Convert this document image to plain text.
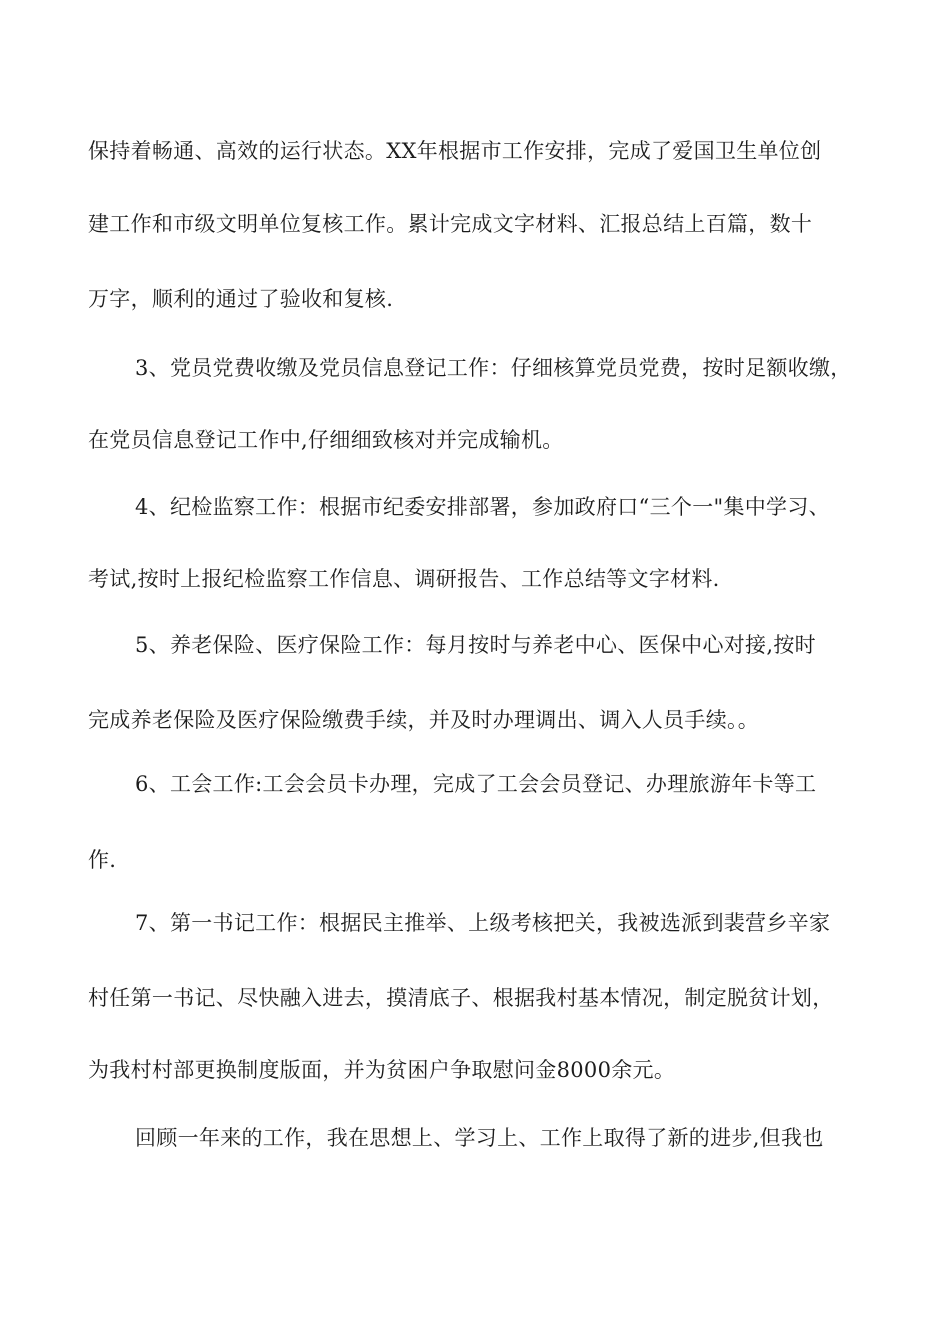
保持着畅通、高效的运行状态。XX年根据市工作安排，完成了爱国卫生单位创
建工作和市级文明单位复核工作。累计完成文字材料、汇报总结上百篇，数十
万字，顺利的通过了验收和复核.
3、党员党费收缴及党员信息登记工作：仔细核算党员党费，按时足额收缴，
在党员信息登记工作中,仔细细致核对并完成输机。
4、纪检监察工作：根据市纪委安排部署，参加政府口“三个一"集中学习、
考试,按时上报纪检监察工作信息、调研报告、工作总结等文字材料.
5、养老保险、医疗保险工作：每月按时与养老中心、医保中心对接,按时
完成养老保险及医疗保险缴费手续，并及时办理调出、调入人员手续。。
6、工会工作:工会会员卡办理，完成了工会会员登记、办理旅游年卡等工
作.
7、第一书记工作：根据民主推举、上级考核把关，我被选派到裴营乡辛家
村任第一书记、尽快融入进去，摸清底子、根据我村基本情况，制定脱贫计划，
为我村村部更换制度版面，并为贫困户争取慰问金8000余元。
回顾一年来的工作，我在思想上、学习上、工作上取得了新的进步,但我也
